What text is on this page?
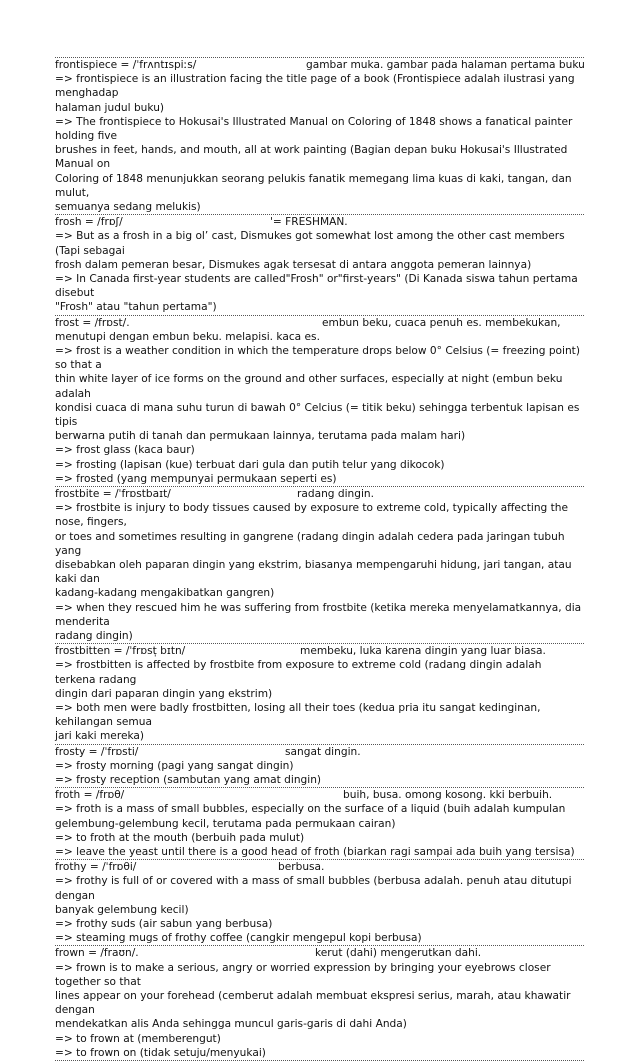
frontispiece = /ˈfrʌntɪspiːs/	gambar muka. gambar pada halaman pertama buku
=> frontispiece is an illustration facing the title page of a book (Frontispiece adalah ilustrasi yang menghadap
halaman judul buku)
=> The frontispiece to Hokusai's Illustrated Manual on Coloring of 1848 shows a fanatical painter holding five
brushes in feet, hands, and mouth, all at work painting (Bagian depan buku Hokusai's Illustrated Manual on
Coloring of 1848 menunjukkan seorang pelukis fanatik memegang lima kuas di kaki, tangan, dan mulut,
semuanya sedang melukis)
frosh = /frɒʃ/	'= FRESHMAN.
=> But as a frosh in a big ol’ cast, Dismukes got somewhat lost among the other cast members (Tapi sebagai
frosh dalam pemeran besar, Dismukes agak tersesat di antara anggota pemeran lainnya)
=> In Canada first-year students are called"Frosh" or"first-years" (Di Kanada siswa tahun pertama disebut
"Frosh" atau "tahun pertama")
frost = /frɒst/.	embun beku, cuaca penuh es. membekukan,
menutupi dengan embun beku. melapisi. kaca es.
=> frost is a weather condition in which the temperature drops below 0° Celsius (= freezing point) so that a
thin white layer of ice forms on the ground and other surfaces, especially at night (embun beku adalah
kondisi cuaca di mana suhu turun di bawah 0° Celcius (= titik beku) sehingga terbentuk lapisan es tipis
berwarna putih di tanah dan permukaan lainnya, terutama pada malam hari)
=> frost glass (kaca baur)
=> frosting (lapisan (kue) terbuat dari gula dan putih telur yang dikocok)
=> frosted (yang mempunyai permukaan seperti es)
frostbite = /ˈfrɒstbaɪt/	radang dingin.
=> frostbite is injury to body tissues caused by exposure to extreme cold, typically affecting the nose, fingers,
or toes and sometimes resulting in gangrene (radang dingin adalah cedera pada jaringan tubuh yang
disebabkan oleh paparan dingin yang ekstrim, biasanya mempengaruhi hidung, jari tangan, atau kaki dan
kadang-kadang mengakibatkan gangren)
=> when they rescued him he was suffering from frostbite (ketika mereka menyelamatkannya, dia menderita
radang dingin)
frostbitten = /ˈfrɒst̩ bɪtn/	membeku, luka karena dingin yang luar biasa.
=> frostbitten is affected by frostbite from exposure to extreme cold (radang dingin adalah terkena radang
dingin dari paparan dingin yang ekstrim)
=> both men were badly frostbitten, losing all their toes (kedua pria itu sangat kedinginan, kehilangan semua
jari kaki mereka)
frosty = /ˈfrɒsti/	sangat dingin.
=> frosty morning (pagi yang sangat dingin)
=> frosty reception (sambutan yang amat dingin)
froth = /frɒθ/	buih, busa. omong kosong. kki berbuih.
=> froth is a mass of small bubbles, especially on the surface of a liquid (buih adalah kumpulan
gelembung-gelembung kecil, terutama pada permukaan cairan)
=> to froth at the mouth (berbuih pada mulut)
=> leave the yeast until there is a good head of froth (biarkan ragi sampai ada buih yang tersisa)
frothy = /ˈfrɒθi/	berbusa.
=> frothy is full of or covered with a mass of small bubbles (berbusa adalah. penuh atau ditutupi dengan
banyak gelembung kecil)
=> frothy suds (air sabun yang berbusa)
=> steaming mugs of frothy coffee (cangkir mengepul kopi berbusa)
frown = /fraʊn/.	kerut (dahi) mengerutkan dahi.
=> frown is to make a serious, angry or worried expression by bringing your eyebrows closer together so that
lines appear on your forehead (cemberut adalah membuat ekspresi serius, marah, atau khawatir dengan
mendekatkan alis Anda sehingga muncul garis-garis di dahi Anda)
=> to frown at (memberengut)
=> to frown on (tidak setuju/menyukai)
